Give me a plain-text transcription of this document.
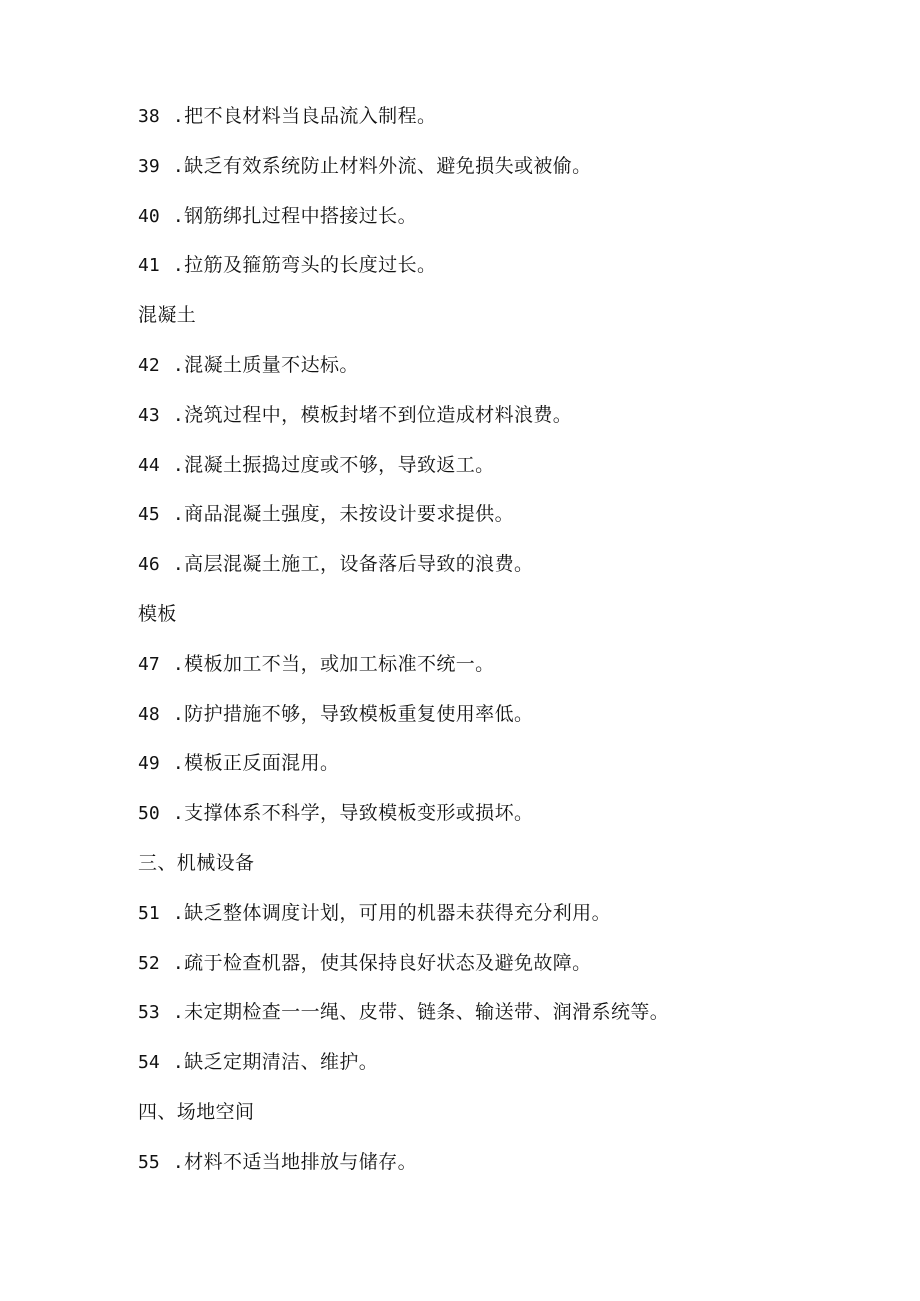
38 .把不良材料当良品流入制程。
39 .缺乏有效系统防止材料外流、避免损失或被偷。
40 .钢筋绑扎过程中搭接过长。
41 .拉筋及箍筋弯头的长度过长。
混凝土
42 .混凝土质量不达标。
43 .浇筑过程中，模板封堵不到位造成材料浪费。
44 .混凝土振捣过度或不够，导致返工。
45 .商品混凝土强度，未按设计要求提供。
46 .高层混凝土施工，设备落后导致的浪费。
模板
47 .模板加工不当，或加工标准不统一。
48 .防护措施不够，导致模板重复使用率低。
49 .模板正反面混用。
50 .支撑体系不科学，导致模板变形或损坏。
三、机械设备
51 .缺乏整体调度计划，可用的机器未获得充分利用。
52 .疏于检查机器，使其保持良好状态及避免故障。
53 .未定期检查一一绳、皮带、链条、输送带、润滑系统等。
54 .缺乏定期清洁、维护。
四、场地空间
55 .材料不适当地排放与储存。
